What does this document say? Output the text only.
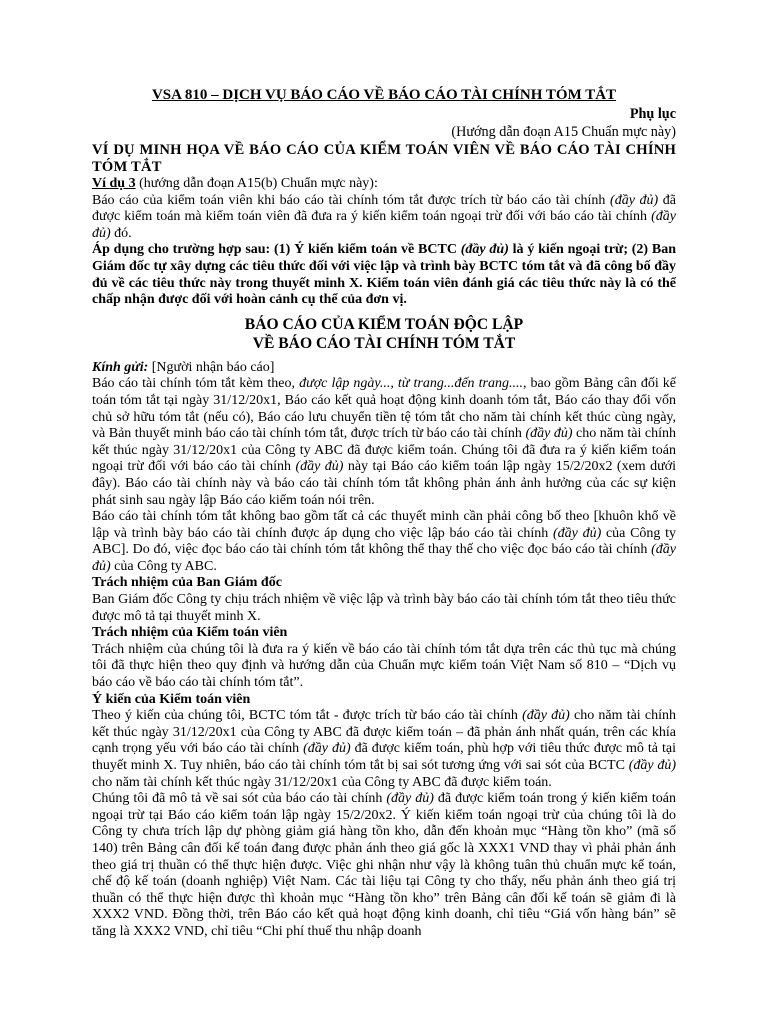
VSA 810 – DỊCH VỤ BÁO CÁO VỀ BÁO CÁO TÀI CHÍNH TÓM TẮT

Phụ lục

(Hướng dẫn đoạn A15 Chuẩn mực này)

VÍ DỤ MINH HỌA VỀ BÁO CÁO CỦA KIỂM TOÁN VIÊN VỀ BÁO CÁO TÀI CHÍNH TÓM TẮT

Ví dụ 3 (hướng dẫn đoạn A15(b) Chuẩn mực này):

Báo cáo của kiểm toán viên khi báo cáo tài chính tóm tắt được trích từ báo cáo tài chính (đầy đủ) đã được kiểm toán mà kiểm toán viên đã đưa ra ý kiến kiểm toán ngoại trừ đối với báo cáo tài chính (đầy đủ) đó.

Áp dụng cho trường hợp sau: (1) Ý kiến kiểm toán về BCTC (đầy đủ) là ý kiến ngoại trừ; (2) Ban Giám đốc tự xây dựng các tiêu thức đối với việc lập và trình bày BCTC tóm tắt và đã công bố đầy đủ về các tiêu thức này trong thuyết minh X. Kiểm toán viên đánh giá các tiêu thức này là có thể chấp nhận được đối với hoàn cảnh cụ thể của đơn vị.

BÁO CÁO CỦA KIỂM TOÁN ĐỘC LẬP
VỀ BÁO CÁO TÀI CHÍNH TÓM TẮT

Kính gửi: [Người nhận báo cáo]

Báo cáo tài chính tóm tắt kèm theo, được lập ngày..., từ trang...đến trang...., bao gồm Bảng cân đối kế toán tóm tắt tại ngày 31/12/20x1, Báo cáo kết quả hoạt động kinh doanh tóm tắt, Báo cáo thay đổi vốn chủ sở hữu tóm tắt (nếu có), Báo cáo lưu chuyển tiền tệ tóm tắt cho năm tài chính kết thúc cùng ngày, và Bản thuyết minh báo cáo tài chính tóm tắt, được trích từ báo cáo tài chính (đầy đủ) cho năm tài chính kết thúc ngày 31/12/20x1 của Công ty ABC đã được kiểm toán. Chúng tôi đã đưa ra ý kiến kiểm toán ngoại trừ đối với báo cáo tài chính (đầy đủ) này tại Báo cáo kiểm toán lập ngày 15/2/20x2 (xem dưới đây). Báo cáo tài chính này và báo cáo tài chính tóm tắt không phản ánh ảnh hưởng của các sự kiện phát sinh sau ngày lập Báo cáo kiểm toán nói trên.

Báo cáo tài chính tóm tắt không bao gồm tất cả các thuyết minh cần phải công bố theo [khuôn khổ về lập và trình bày báo cáo tài chính được áp dụng cho việc lập báo cáo tài chính (đầy đủ) của Công ty ABC]. Do đó, việc đọc báo cáo tài chính tóm tắt không thể thay thế cho việc đọc báo cáo tài chính (đầy đủ) của Công ty ABC.

Trách nhiệm của Ban Giám đốc

Ban Giám đốc Công ty chịu trách nhiệm về việc lập và trình bày báo cáo tài chính tóm tắt theo tiêu thức được mô tả tại thuyết minh X.

Trách nhiệm của Kiểm toán viên

Trách nhiệm của chúng tôi là đưa ra ý kiến về báo cáo tài chính tóm tắt dựa trên các thủ tục mà chúng tôi đã thực hiện theo quy định và hướng dẫn của Chuẩn mực kiểm toán Việt Nam số 810 – “Dịch vụ báo cáo về báo cáo tài chính tóm tắt”.

Ý kiến của Kiểm toán viên

Theo ý kiến của chúng tôi, BCTC tóm tắt - được trích từ báo cáo tài chính (đầy đủ) cho năm tài chính kết thúc ngày 31/12/20x1 của Công ty ABC đã được kiểm toán – đã phản ánh nhất quán, trên các khía cạnh trọng yếu với báo cáo tài chính (đầy đủ) đã được kiểm toán, phù hợp với tiêu thức được mô tả tại thuyết minh X. Tuy nhiên, báo cáo tài chính tóm tắt bị sai sót tương ứng với sai sót của BCTC (đầy đủ) cho năm tài chính kết thúc ngày 31/12/20x1 của Công ty ABC đã được kiểm toán.

Chúng tôi đã mô tả về sai sót của báo cáo tài chính (đầy đủ) đã được kiểm toán trong ý kiến kiểm toán ngoại trừ tại Báo cáo kiểm toán lập ngày 15/2/20x2. Ý kiến kiểm toán ngoại trừ của chúng tôi là do Công ty chưa trích lập dự phòng giảm giá hàng tồn kho, dẫn đến khoản mục “Hàng tồn kho” (mã số 140) trên Bảng cân đối kế toán đang được phản ánh theo giá gốc là XXX1 VND thay vì phải phản ánh theo giá trị thuần có thể thực hiện được. Việc ghi nhận như vậy là không tuân thủ chuẩn mực kế toán, chế độ kế toán (doanh nghiệp) Việt Nam. Các tài liệu tại Công ty cho thấy, nếu phản ánh theo giá trị thuần có thể thực hiện được thì khoản mục “Hàng tồn kho” trên Bảng cân đối kế toán sẽ giảm đi là XXX2 VND. Đồng thời, trên Báo cáo kết quả hoạt động kinh doanh, chỉ tiêu “Giá vốn hàng bán” sẽ tăng là XXX2 VND, chỉ tiêu “Chi phí thuế thu nhập doanh
